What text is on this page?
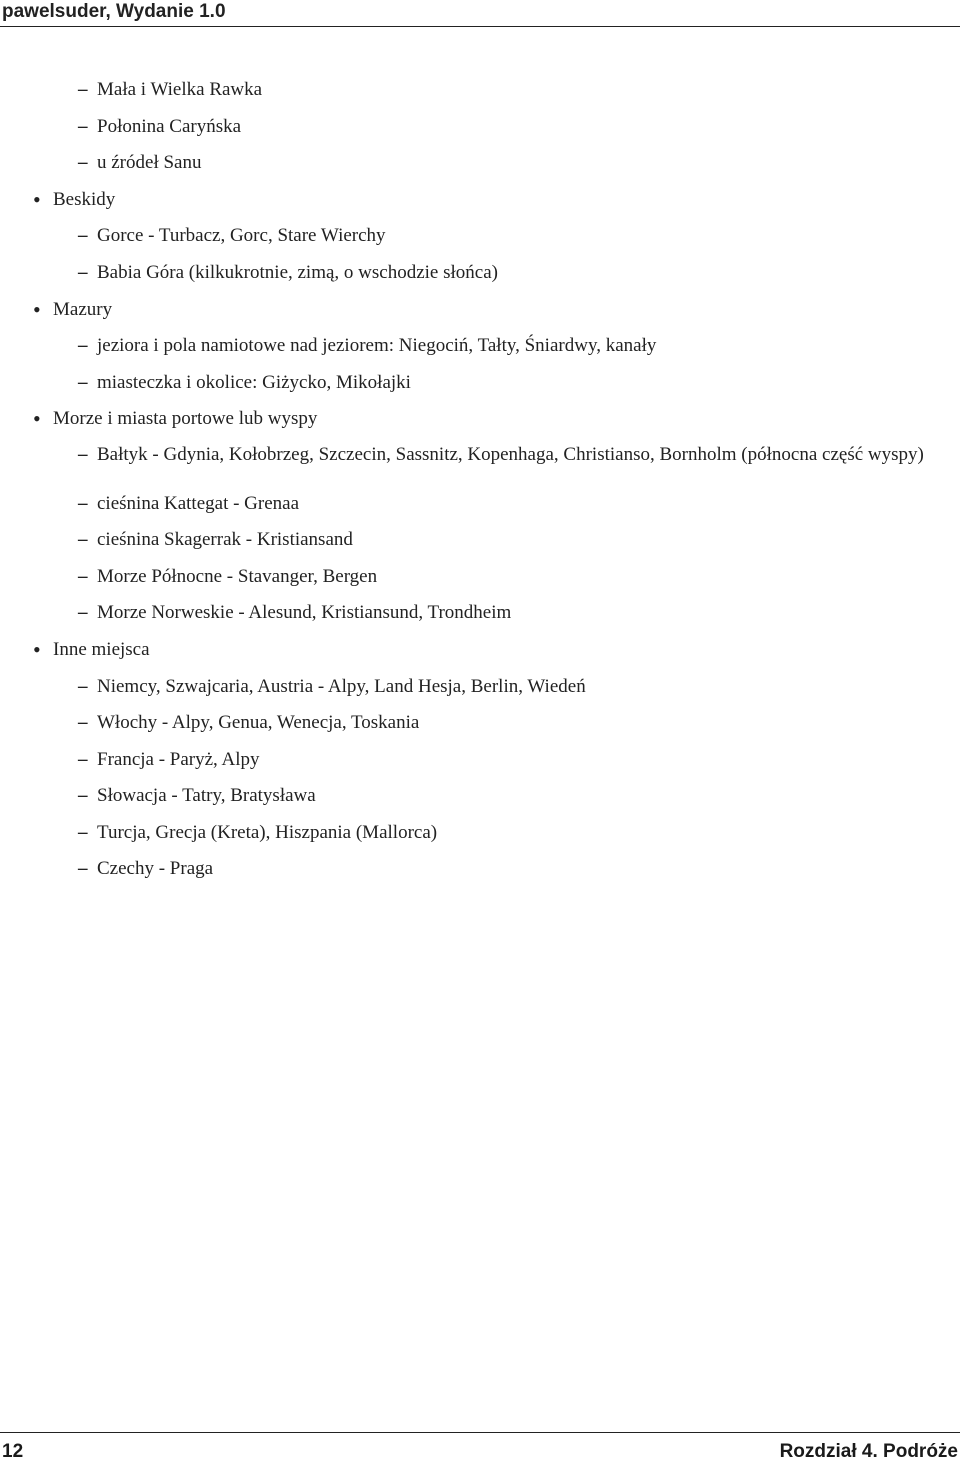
pawelsuder, Wydanie 1.0
– Mała i Wielka Rawka
– Połonina Caryńska
– u źródeł Sanu
• Beskidy
– Gorce - Turbacz, Gorc, Stare Wierchy
– Babia Góra (kilkukrotnie, zimą, o wschodzie słońca)
• Mazury
– jeziora i pola namiotowe nad jeziorem: Niegociń, Tałty, Śniardwy, kanały
– miasteczka i okolice: Giżycko, Mikołajki
• Morze i miasta portowe lub wyspy
– Bałtyk - Gdynia, Kołobrzeg, Szczecin, Sassnitz, Kopenhaga, Christianso, Bornholm (północna część wyspy)
– cieśnina Kattegat - Grenaa
– cieśnina Skagerrak - Kristiansand
– Morze Północne - Stavanger, Bergen
– Morze Norweskie - Alesund, Kristiansund, Trondheim
• Inne miejsca
– Niemcy, Szwajcaria, Austria - Alpy, Land Hesja, Berlin, Wiedeń
– Włochy - Alpy, Genua, Wenecja, Toskania
– Francja - Paryż, Alpy
– Słowacja - Tatry, Bratysława
– Turcja, Grecja (Kreta), Hiszpania (Mallorca)
– Czechy - Praga
12	Rozdział 4. Podróże
